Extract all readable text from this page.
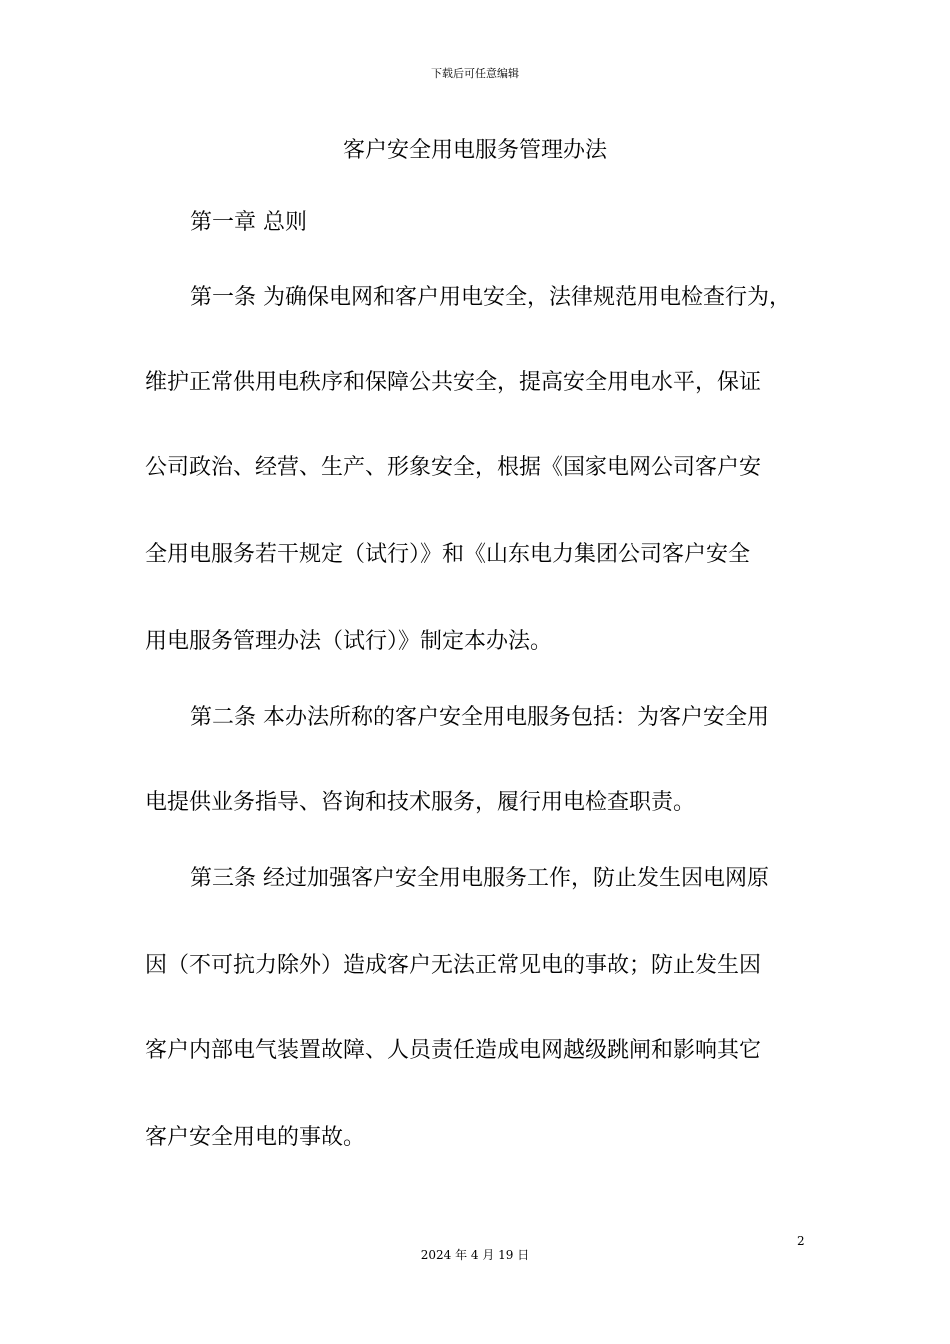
下载后可任意编辑
客户安全用电服务管理办法
第一章 总则
第一条 为确保电网和客户用电安全，法律规范用电检查行为，
维护正常供用电秩序和保障公共安全，提高安全用电水平，保证
公司政治、经营、生产、形象安全，根据《国家电网公司客户安
全用电服务若干规定（试行）》和《山东电力集团公司客户安全
用电服务管理办法（试行）》制定本办法。
第二条 本办法所称的客户安全用电服务包括：为客户安全用
电提供业务指导、咨询和技术服务，履行用电检查职责。
第三条 经过加强客户安全用电服务工作，防止发生因电网原
因（不可抗力除外）造成客户无法正常见电的事故；防止发生因
客户内部电气装置故障、人员责任造成电网越级跳闸和影响其它
客户安全用电的事故。
2
2024 年 4 月 19 日
